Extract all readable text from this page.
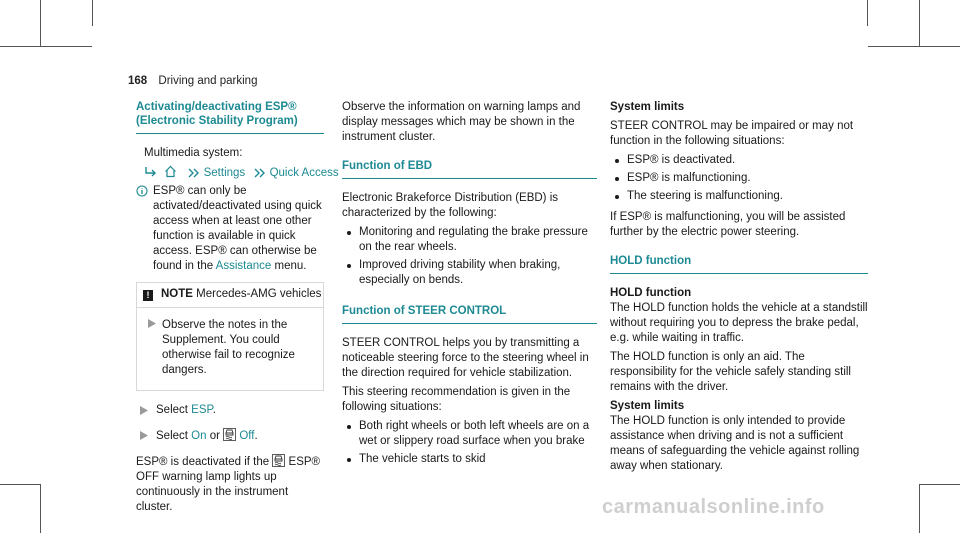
168 Driving and parking
Activating/deactivating ESP® (Electronic Stability Program)

Multimedia system:

Settings Quick Access
ESP® can only be activated/deactivated using quick access when at least one other function is available in quick access. ESP® can otherwise be found in the Assistance menu.
! NOTE Mercedes-AMG vehicles
Observe the notes in the Supplement. You could otherwise fail to recognize dangers.
Select ESP.
Select On or Off.

ESP® is deactivated if the ESP® OFF warning lamp lights up continuously in the instrument cluster.

Observe the information on warning lamps and display messages which may be shown in the instrument cluster.

Function of EBD

Electronic Brakeforce Distribution (EBD) is characterized by the following:

Monitoring and regulating the brake pressure on the rear wheels.
Improved driving stability when braking, especially on bends.
Function of STEER CONTROL

STEER CONTROL helps you by transmitting a noticeable steering force to the steering wheel in the direction required for vehicle stabilization.

This steering recommendation is given in the following situations:

Both right wheels or both left wheels are on a wet or slippery road surface when you brake
The vehicle starts to skid

System limits

STEER CONTROL may be impaired or may not function in the following situations:

ESP® is deactivated.
ESP® is malfunctioning.
The steering is malfunctioning.

If ESP® is malfunctioning, you will be assisted further by the electric power steering.

HOLD function

HOLD function

The HOLD function holds the vehicle at a standstill without requiring you to depress the brake pedal, e.g. while waiting in traffic.

The HOLD function is only an aid. The responsibility for the vehicle safely standing still remains with the driver.

System limits

The HOLD function is only intended to provide assistance when driving and is not a sufficient means of safeguarding the vehicle against rolling away when stationary.

carmanualsonline.info
